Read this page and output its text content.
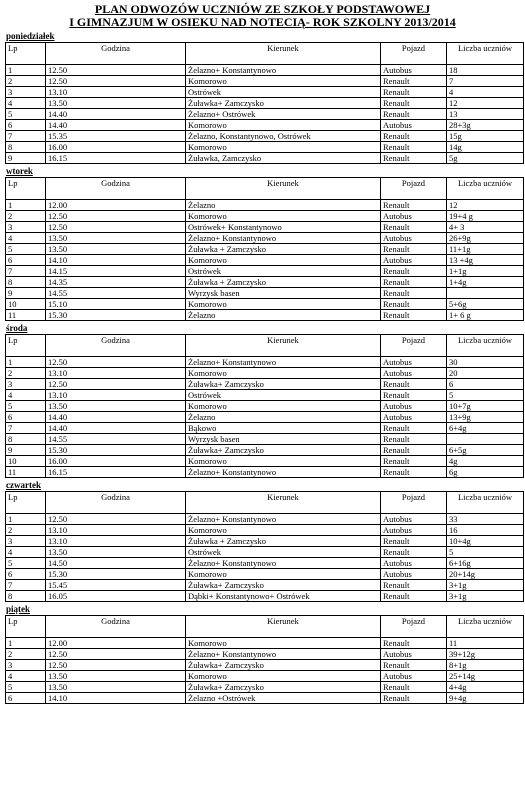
PLAN ODWOZÓW UCZNIÓW ZE SZKOŁY PODSTAWOWEJ
I GIMNAZJUM W OSIEKU NAD NOTECIĄ- ROK SZKOLNY 2013/2014
poniedziałek
Lp	Godzina	Kierunek	Pojazd	Liczba uczniów
1	12.50	Żelazno+ Konstantynowo	Autobus	18
2	12.50	Komorowo	Renault	7
3	13.10	Ostrówek	Renault	4
4	13.50	Żuławka+ Zamczysko	Renault	12
5	14.40	Żelazno+ Ostrówek	Renault	13
6	14.40	Komorowo	Autobus	28+3g
7	15.35	Żelazno, Konstantynowo, Ostrówek	Renault	15g
8	16.00	Komorowo	Renault	14g
9	16.15	Żuławka, Zamczysko	Renault	5g
wtorek
Lp	Godzina	Kierunek	Pojazd	Liczba uczniów
1	12.00	Żelazno	Renault	12
2	12.50	Komorowo	Autobus	19+4 g
3	12.50	Ostrówek+ Konstantynowo	Renault	4+ 3
4	13.50	Żelazno+ Konstantynowo	Autobus	26+9g
5	13.50	Żuławka + Zamczysko	Renault	11+1g
6	14.10	Komorowo	Autobus	13 +4g
7	14.15	Ostrówek	Renault	1+1g
8	14.35	Żuławka + Zamczysko	Renault	1+4g
9	14.55	Wyrzysk basen	Renault	
10	15.10	Komorowo	Renault	5+6g
11	15.30	Żelazno	Renault	1+ 6 g
środa
Lp	Godzina	Kierunek	Pojazd	Liczba uczniów
1	12.50	Żelazno+ Konstantynowo	Autobus	30
2	13.10	Komorowo	Autobus	20
3	12.50	Żuławka+ Zamczysko	Renault	6
4	13.10	Ostrówek	Renault	5
5	13.50	Komorowo	Autobus	10+7g
6	14.40	Żelazno	Autobus	13+9g
7	14.40	Bąkowo	Renault	6+4g
8	14.55	Wyrzysk basen	Renault	
9	15.30	Żuławka+ Zamczysko	Renault	6+5g
10	16.00	Komorowo	Renault	4g
11	16.15	Żelazno+ Konstantynowo	Renault	6g
czwartek
Lp	Godzina	Kierunek	Pojazd	Liczba uczniów
1	12.50	Żelazno+ Konstantynowo	Autobus	33
2	13.10	Komorowo	Autobus	16
3	13.10	Żuławka + Zamczysko	Renault	10+4g
4	13.50	Ostrówek	Renault	5
5	14.50	Żelazno+ Konstantynowo	Autobus	6+16g
6	15.30	Komorowo	Autobus	20+14g
7	15.45	Żuławka+ Zamczysko	Renault	3+1g
8	16.05	Dąbki+ Konstantynowo+ Ostrówek	Renault	3+1g
piątek
Lp	Godzina	Kierunek	Pojazd	Liczba uczniów
1	12.00	Komorowo	Renault	11
2	12.50	Żelazno+ Konstantynowo	Autobus	39+12g
3	12.50	Żuławka+ Zamczysko	Renault	8+1g
4	13.50	Komorowo	Autobus	25+14g
5	13.50	Żuławka+ Zamczysko	Renault	4+4g
6	14.10	Żelazno +Ostrówek	Renault	9+4g
